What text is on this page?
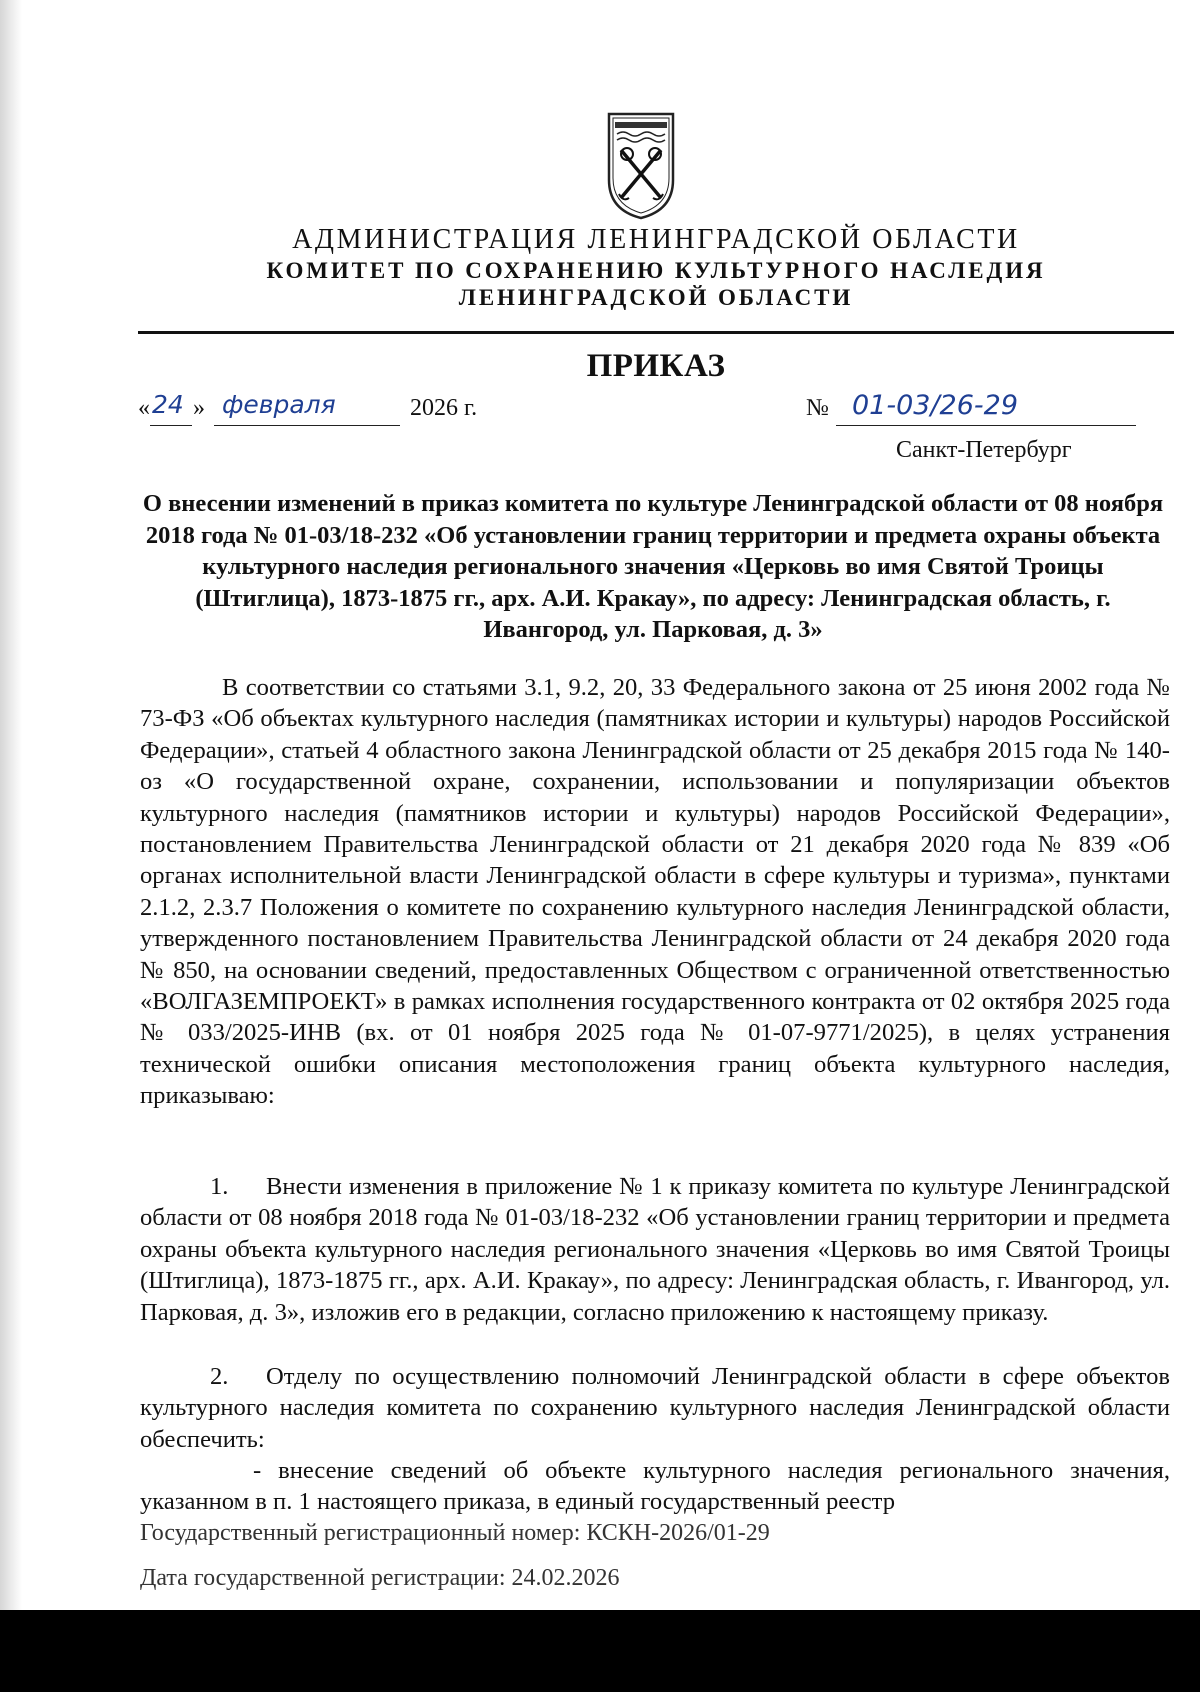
АДМИНИСТРАЦИЯ ЛЕНИНГРАДСКОЙ ОБЛАСТИ
КОМИТЕТ ПО СОХРАНЕНИЮ КУЛЬТУРНОГО НАСЛЕДИЯ
ЛЕНИНГРАДСКОЙ ОБЛАСТИ
ПРИКАЗ
« 24 » февраля	2026 г.	№ 01-03/26-29
Санкт-Петербург
О внесении изменений в приказ комитета по культуре Ленинградской области от 08 ноября 2018 года № 01-03/18-232 «Об установлении границ территории и предмета охраны объекта культурного наследия регионального значения «Церковь во имя Святой Троицы (Штиглица), 1873-1875 гг., арх. А.И. Кракау», по адресу: Ленинградская область, г. Ивангород, ул. Парковая, д. 3»
В соответствии со статьями 3.1, 9.2, 20, 33 Федерального закона от 25 июня 2002 года № 73-ФЗ «Об объектах культурного наследия (памятниках истории и культуры) народов Российской Федерации», статьей 4 областного закона Ленинградской области от 25 декабря 2015 года № 140-оз «О государственной охране, сохранении, использовании и популяризации объектов культурного наследия (памятников истории и культуры) народов Российской Федерации», постановлением Правительства Ленинградской области от 21 декабря 2020 года № 839 «Об органах исполнительной власти Ленинградской области в сфере культуры и туризма», пунктами 2.1.2, 2.3.7 Положения о комитете по сохранению культурного наследия Ленинградской области, утвержденного постановлением Правительства Ленинградской области от 24 декабря 2020 года № 850, на основании сведений, предоставленных Обществом с ограниченной ответственностью «ВОЛГАЗЕМПРОЕКТ» в рамках исполнения государственного контракта от 02 октября 2025 года № 033/2025-ИНВ (вх. от 01 ноября 2025 года № 01-07-9771/2025), в целях устранения технической ошибки описания местоположения границ объекта культурного наследия, приказываю:
1. Внести изменения в приложение № 1 к приказу комитета по культуре Ленинградской области от 08 ноября 2018 года № 01-03/18-232 «Об установлении границ территории и предмета охраны объекта культурного наследия регионального значения «Церковь во имя Святой Троицы (Штиглица), 1873-1875 гг., арх. А.И. Кракау», по адресу: Ленинградская область, г. Ивангород, ул. Парковая, д. 3», изложив его в редакции, согласно приложению к настоящему приказу.
2. Отделу по осуществлению полномочий Ленинградской области в сфере объектов культурного наследия комитета по сохранению культурного наследия Ленинградской области обеспечить:
- внесение сведений об объекте культурного наследия регионального значения, указанном в п. 1 настоящего приказа, в единый государственный реестр
Государственный регистрационный номер: КСКН-2026/01-29
Дата государственной регистрации: 24.02.2026
